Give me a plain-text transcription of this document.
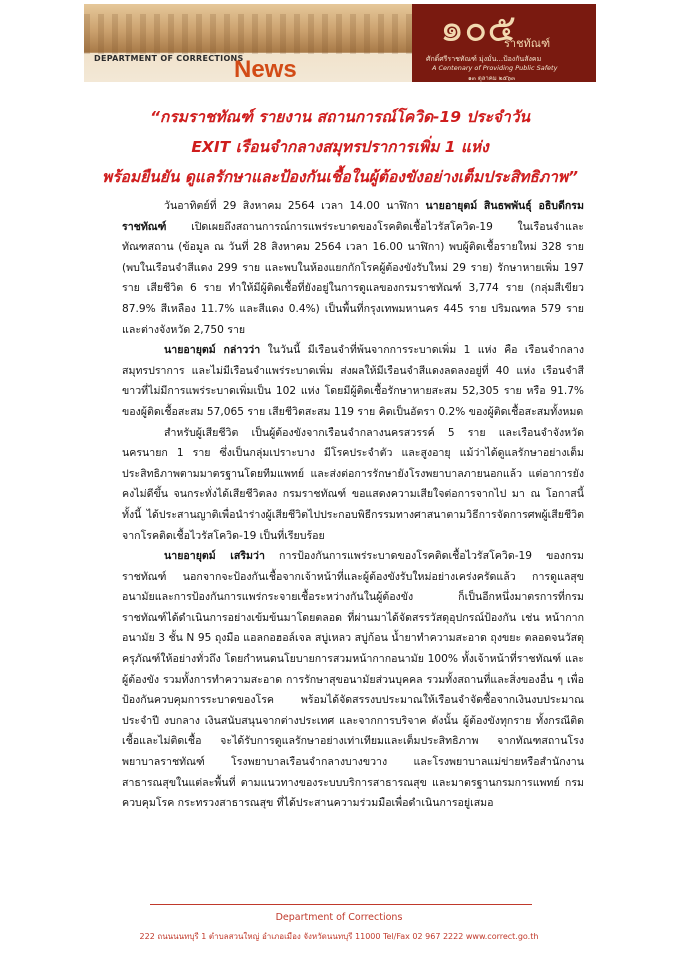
DEPARTMENT OF CORRECTIONS
News
๑๐๕
ราชทัณฑ์
ศักดิ์ศรีราชทัณฑ์ มุ่งมั่น...ป้องกันสังคม
A Centenary of Providing Public Safety
๑๓ ตุลาคม ๒๕๖๓
“กรมราชทัณฑ์ รายงาน สถานการณ์โควิด-19 ประจำวัน
EXIT เรือนจำกลางสมุทรปราการเพิ่ม 1 แห่ง
พร้อมยืนยัน ดูแลรักษาและป้องกันเชื้อในผู้ต้องขังอย่างเต็มประสิทธิภาพ”

วันอาทิตย์ที่ 29 สิงหาคม 2564 เวลา 14.00 นาฬิกา นายอายุตม์ สินธพพันธุ์ อธิบดีกรมราชทัณฑ์ เปิดเผยถึงสถานการณ์การแพร่ระบาดของโรคติดเชื้อไวรัสโควิด-19 ในเรือนจำและทัณฑสถาน (ข้อมูล ณ วันที่ 28 สิงหาคม 2564 เวลา 16.00 นาฬิกา) พบผู้ติดเชื้อรายใหม่ 328 ราย (พบในเรือนจำสีแดง 299 ราย และพบในห้องแยกกักโรคผู้ต้องขังรับใหม่ 29 ราย) รักษาหายเพิ่ม 197 ราย เสียชีวิต 6 ราย ทำให้มีผู้ติดเชื้อที่ยังอยู่ในการดูแลของกรมราชทัณฑ์ 3,774 ราย (กลุ่มสีเขียว 87.9% สีเหลือง 11.7% และสีแดง 0.4%) เป็นพื้นที่กรุงเทพมหานคร 445 ราย ปริมณฑล 579 ราย และต่างจังหวัด 2,750 ราย

นายอายุตม์ กล่าวว่า ในวันนี้ มีเรือนจำที่พ้นจากการระบาดเพิ่ม 1 แห่ง คือ เรือนจำกลางสมุทรปราการ และไม่มีเรือนจำแพร่ระบาดเพิ่ม ส่งผลให้มีเรือนจำสีแดงลดลงอยู่ที่ 40 แห่ง เรือนจำสีขาวที่ไม่มีการแพร่ระบาดเพิ่มเป็น 102 แห่ง โดยมีผู้ติดเชื้อรักษาหายสะสม 52,305 ราย หรือ 91.7% ของผู้ติดเชื้อสะสม 57,065 ราย เสียชีวิตสะสม 119 ราย คิดเป็นอัตรา 0.2% ของผู้ติดเชื้อสะสมทั้งหมด

สำหรับผู้เสียชีวิต เป็นผู้ต้องขังจากเรือนจำกลางนครสวรรค์ 5 ราย และเรือนจำจังหวัดนครนายก 1 ราย ซึ่งเป็นกลุ่มเปราะบาง มีโรคประจำตัว และสูงอายุ แม้ว่าได้ดูแลรักษาอย่างเต็มประสิทธิภาพตามมาตรฐานโดยทีมแพทย์ และส่งต่อการรักษายังโรงพยาบาลภายนอกแล้ว แต่อาการยังคงไม่ดีขึ้น จนกระทั่งได้เสียชีวิตลง กรมราชทัณฑ์ ขอแสดงความเสียใจต่อการจากไป มา ณ โอกาสนี้ ทั้งนี้ ได้ประสานญาติเพื่อนำร่างผู้เสียชีวิตไปประกอบพิธีกรรมทางศาสนาตามวิธีการจัดการศพผู้เสียชีวิตจากโรคติดเชื้อไวรัสโควิด-19 เป็นที่เรียบร้อย

นายอายุตม์ เสริมว่า การป้องกันการแพร่ระบาดของโรคติดเชื้อไวรัสโควิด-19 ของกรมราชทัณฑ์ นอกจากจะป้องกันเชื้อจากเจ้าหน้าที่และผู้ต้องขังรับใหม่อย่างเคร่งครัดแล้ว การดูแลสุขอนามัยและการป้องกันการแพร่กระจายเชื้อระหว่างกันในผู้ต้องขัง ก็เป็นอีกหนึ่งมาตรการที่กรมราชทัณฑ์ได้ดำเนินการอย่างเข้มข้นมาโดยตลอด ที่ผ่านมาได้จัดสรรวัสดุอุปกรณ์ป้องกัน เช่น หน้ากากอนามัย 3 ชั้น N 95 ถุงมือ แอลกอฮอล์เจล สบู่เหลว สบู่ก้อน น้ำยาทำความสะอาด ถุงขยะ ตลอดจนวัสดุครุภัณฑ์ให้อย่างทั่วถึง โดยกำหนดนโยบายการสวมหน้ากากอนามัย 100% ทั้งเจ้าหน้าที่ราชทัณฑ์ และผู้ต้องขัง รวมทั้งการทำความสะอาด การรักษาสุขอนามัยส่วนบุคคล รวมทั้งสถานที่และสิ่งของอื่น ๆ เพื่อป้องกันควบคุมการระบาดของโรค พร้อมได้จัดสรรงบประมาณให้เรือนจำจัดซื้อจากเงินงบประมาณประจำปี งบกลาง เงินสนับสนุนจากต่างประเทศ และจากการบริจาค ดังนั้น ผู้ต้องขังทุกราย ทั้งกรณีติดเชื้อและไม่ติดเชื้อ จะได้รับการดูแลรักษาอย่างเท่าเทียมและเต็มประสิทธิภาพ จากทัณฑสถานโรงพยาบาลราชทัณฑ์ โรงพยาบาลเรือนจำกลางบางขวาง และโรงพยาบาลแม่ข่ายหรือสำนักงานสาธารณสุขในแต่ละพื้นที่ ตามแนวทางของระบบบริการสาธารณสุข และมาตรฐานกรมการแพทย์ กรมควบคุมโรค กระทรวงสาธารณสุข ที่ได้ประสานความร่วมมือเพื่อดำเนินการอยู่เสมอ

Department of Corrections
222 ถนนนนทบุรี 1 ตำบลสวนใหญ่ อำเภอเมือง จังหวัดนนทบุรี 11000 Tel/Fax 02 967 2222 www.correct.go.th
